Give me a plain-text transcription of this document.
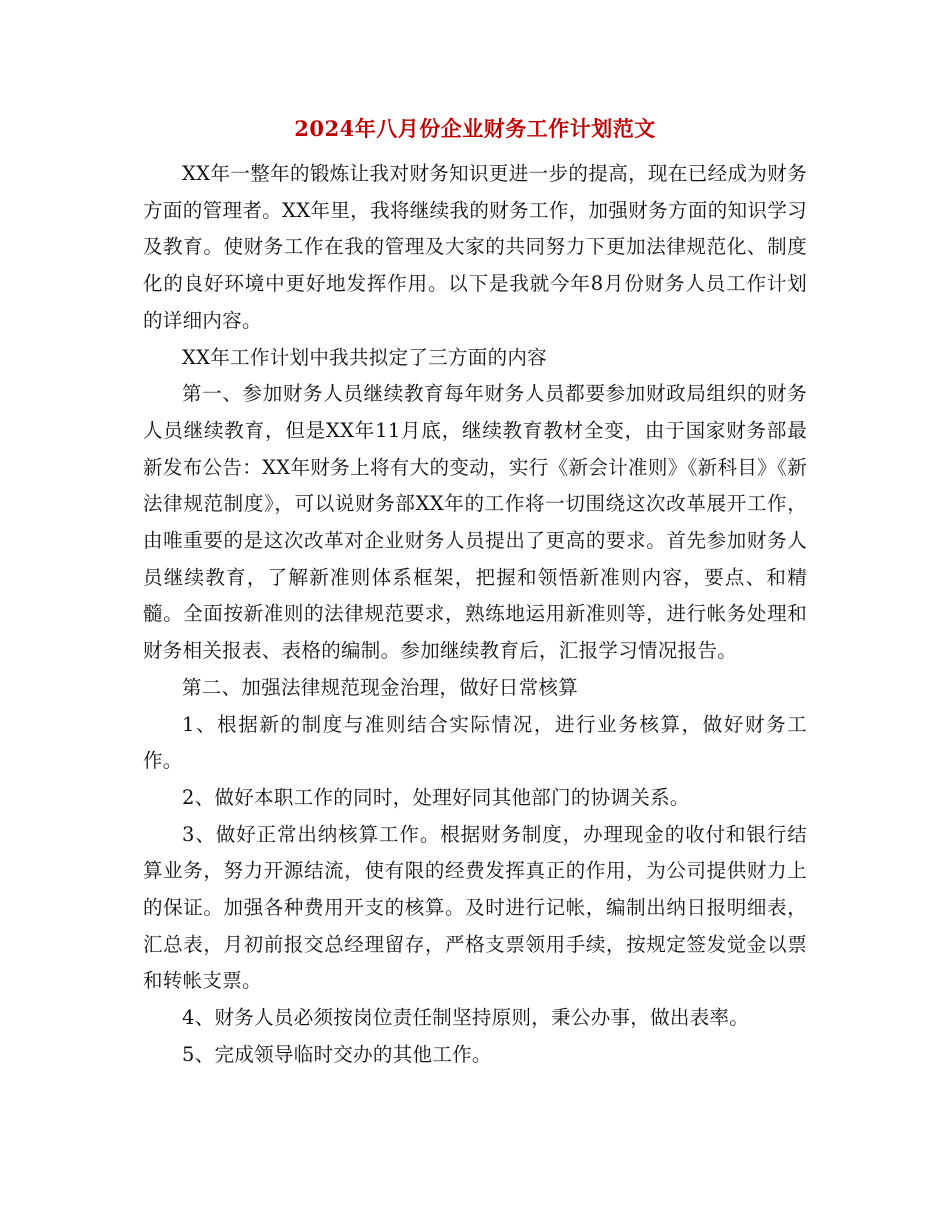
2024年八月份企业财务工作计划范文

XX年一整年的锻炼让我对财务知识更进一步的提高，现在已经成为财务方面的管理者。XX年里，我将继续我的财务工作，加强财务方面的知识学习及教育。使财务工作在我的管理及大家的共同努力下更加法律规范化、制度化的良好环境中更好地发挥作用。以下是我就今年8月份财务人员工作计划的详细内容。

XX年工作计划中我共拟定了三方面的内容

第一、参加财务人员继续教育每年财务人员都要参加财政局组织的财务人员继续教育，但是XX年11月底，继续教育教材全变，由于国家财务部最新发布公告：XX年财务上将有大的变动，实行《新会计准则》《新科目》《新法律规范制度》，可以说财务部XX年的工作将一切围绕这次改革展开工作，由唯重要的是这次改革对企业财务人员提出了更高的要求。首先参加财务人员继续教育，了解新准则体系框架，把握和领悟新准则内容，要点、和精髓。全面按新准则的法律规范要求，熟练地运用新准则等，进行帐务处理和财务相关报表、表格的编制。参加继续教育后，汇报学习情况报告。

第二、加强法律规范现金治理，做好日常核算

1、根据新的制度与准则结合实际情况，进行业务核算，做好财务工作。

2、做好本职工作的同时，处理好同其他部门的协调关系。

3、做好正常出纳核算工作。根据财务制度，办理现金的收付和银行结算业务，努力开源结流，使有限的经费发挥真正的作用，为公司提供财力上的保证。加强各种费用开支的核算。及时进行记帐，编制出纳日报明细表，汇总表，月初前报交总经理留存，严格支票领用手续，按规定签发觉金以票和转帐支票。

4、财务人员必须按岗位责任制坚持原则，秉公办事，做出表率。

5、完成领导临时交办的其他工作。
